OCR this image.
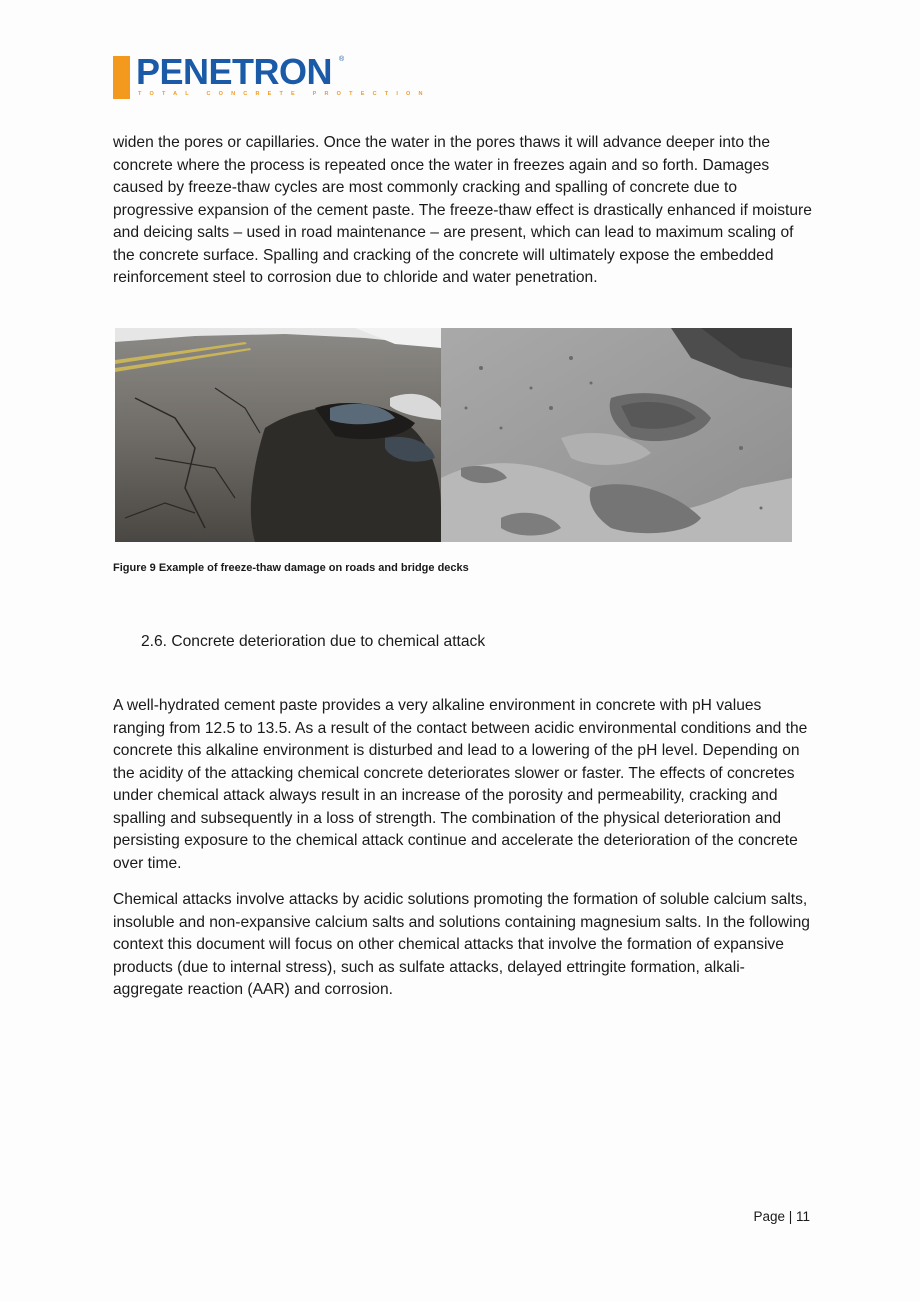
PENETRON ®
TOTAL CONCRETE PROTECTION

widen the pores or capillaries. Once the water in the pores thaws it will advance deeper into the concrete where the process is repeated once the water in freezes again and so forth. Damages caused by freeze-thaw cycles are most commonly cracking and spalling of concrete due to progressive expansion of the cement paste. The freeze-thaw effect is drastically enhanced if moisture and deicing salts – used in road maintenance – are present, which can lead to maximum scaling of the concrete surface. Spalling and cracking of the concrete will ultimately expose the embedded reinforcement steel to corrosion due to chloride and water penetration.

Figure 9 Example of freeze-thaw damage on roads and bridge decks
2.6. Concrete deterioration due to chemical attack

A well-hydrated cement paste provides a very alkaline environment in concrete with pH values ranging from 12.5 to 13.5. As a result of the contact between acidic environmental conditions and the concrete this alkaline environment is disturbed and lead to a lowering of the pH level. Depending on the acidity of the attacking chemical concrete deteriorates slower or faster. The effects of concretes under chemical attack always result in an increase of the porosity and permeability, cracking and spalling and subsequently in a loss of strength. The combination of the physical deterioration and persisting exposure to the chemical attack continue and accelerate the deterioration of the concrete over time.

Chemical attacks involve attacks by acidic solutions promoting the formation of soluble calcium salts, insoluble and non-expansive calcium salts and solutions containing magnesium salts. In the following context this document will focus on other chemical attacks that involve the formation of expansive products (due to internal stress), such as sulfate attacks, delayed ettringite formation, alkali-aggregate reaction (AAR) and corrosion.

Page | 11
